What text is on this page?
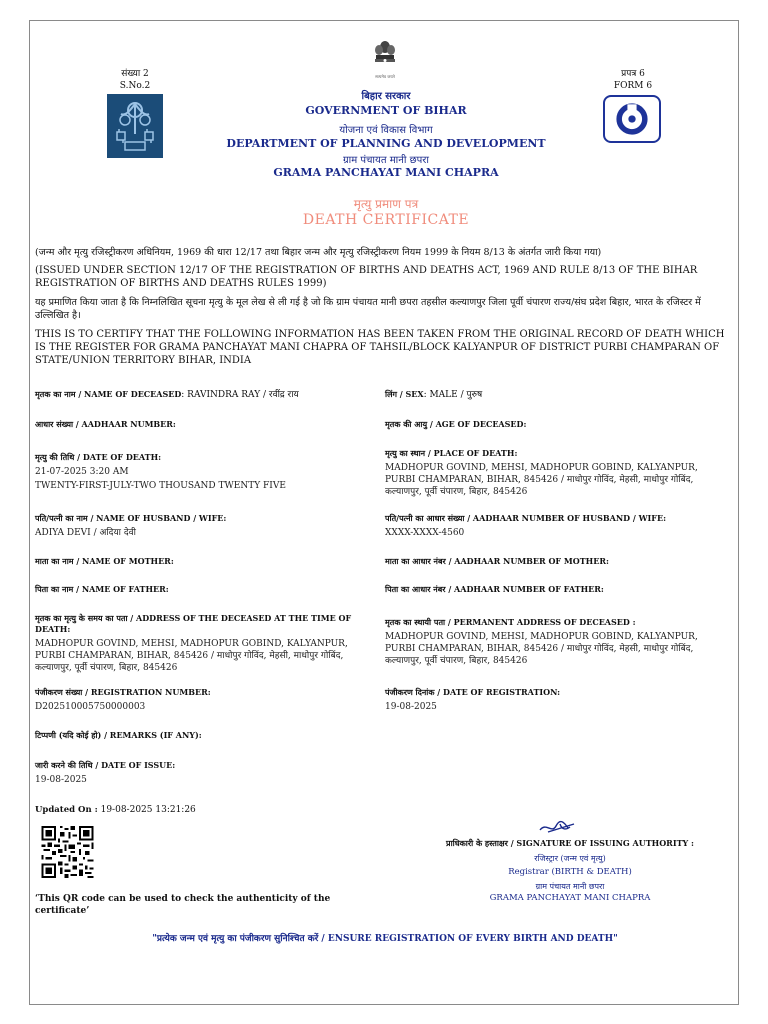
सत्यमेव जयते
संख्या 2
S.No.2
प्रपत्र 6
FORM 6
बिहार सरकार
GOVERNMENT OF BIHAR
योजना एवं विकास विभाग
DEPARTMENT OF PLANNING AND DEVELOPMENT
ग्राम पंचायत मानी छपरा
GRAMA PANCHAYAT MANI CHAPRA
मृत्यु प्रमाण पत्र
DEATH CERTIFICATE
(जन्म और मृत्यु रजिस्ट्रीकरण अधिनियम, 1969 की धारा 12/17 तथा बिहार जन्म और मृत्यु रजिस्ट्रीकरण नियम 1999 के नियम 8/13 के अंतर्गत जारी किया गया)
(ISSUED UNDER SECTION 12/17 OF THE REGISTRATION OF BIRTHS AND DEATHS ACT, 1969 AND RULE 8/13 OF THE BIHAR REGISTRATION OF BIRTHS AND DEATHS RULES 1999)
यह प्रमाणित किया जाता है कि निम्नलिखित सूचना मृत्यु के मूल लेख से ली गई है जो कि ग्राम पंचायत मानी छपरा तहसील कल्याणपुर जिला पूर्वी चंपारण राज्य/संघ प्रदेश बिहार, भारत के रजिस्टर में उल्लिखित है।
THIS IS TO CERTIFY THAT THE FOLLOWING INFORMATION HAS BEEN TAKEN FROM THE ORIGINAL RECORD OF DEATH WHICH IS THE REGISTER FOR GRAMA PANCHAYAT MANI CHAPRA OF TAHSIL/BLOCK KALYANPUR OF DISTRICT PURBI CHAMPARAN OF STATE/UNION TERRITORY BIHAR, INDIA
मृतक का नाम / NAME OF DECEASED: RAVINDRA RAY / रवींद्र राय	लिंग / SEX: MALE / पुरुष
आधार संख्या / AADHAAR NUMBER:	मृतक की आयु / AGE OF DECEASED:
मृत्यु की तिथि / DATE OF DEATH:
21-07-2025 3:20 AM
TWENTY-FIRST-JULY-TWO THOUSAND TWENTY FIVE
मृत्यु का स्थान / PLACE OF DEATH:
MADHOPUR GOVIND, MEHSI, MADHOPUR GOBIND, KALYANPUR, PURBI CHAMPARAN, BIHAR, 845426 / माधोपुर गोविंद, मेहसी, माधोपुर गोबिंद, कल्याणपुर, पूर्वी चंपारण, बिहार, 845426
पति/पत्नी का नाम / NAME OF HUSBAND / WIFE:
ADIYA DEVI / अदिया देवी
पति/पत्नी का आधार संख्या / AADHAAR NUMBER OF HUSBAND / WIFE:
XXXX-XXXX-4560
माता का नाम / NAME OF MOTHER:	माता का आधार नंबर / AADHAAR NUMBER OF MOTHER:
पिता का नाम / NAME OF FATHER:	पिता का आधार नंबर / AADHAAR NUMBER OF FATHER:
मृतक का मृत्यु के समय का पता / ADDRESS OF THE DECEASED AT THE TIME OF DEATH:
MADHOPUR GOVIND, MEHSI, MADHOPUR GOBIND, KALYANPUR, PURBI CHAMPARAN, BIHAR, 845426 / माधोपुर गोविंद, मेहसी, माधोपुर गोबिंद, कल्याणपुर, पूर्वी चंपारण, बिहार, 845426
मृतक का स्थायी पता / PERMANENT ADDRESS OF DECEASED :
MADHOPUR GOVIND, MEHSI, MADHOPUR GOBIND, KALYANPUR, PURBI CHAMPARAN, BIHAR, 845426 / माधोपुर गोविंद, मेहसी, माधोपुर गोबिंद, कल्याणपुर, पूर्वी चंपारण, बिहार, 845426
पंजीकरण संख्या / REGISTRATION NUMBER:
D202510005750000003
पंजीकरण दिनांक / DATE OF REGISTRATION:
19-08-2025
टिप्पणी (यदि कोई हो) / REMARKS (IF ANY):
जारी करने की तिथि / DATE OF ISSUE:
19-08-2025
Updated On : 19-08-2025 13:21:26
‘This QR code can be used to check the authenticity of the certificate’
प्राधिकारी के हस्ताक्षर / SIGNATURE OF ISSUING AUTHORITY :
रजिस्ट्रार (जन्म एवं मृत्यु)
Registrar (BIRTH & DEATH)
ग्राम पंचायत मानी छपरा
GRAMA PANCHAYAT MANI CHAPRA
"प्रत्येक जन्म एवं मृत्यु का पंजीकरण सुनिश्चित करें / ENSURE REGISTRATION OF EVERY BIRTH AND DEATH"
